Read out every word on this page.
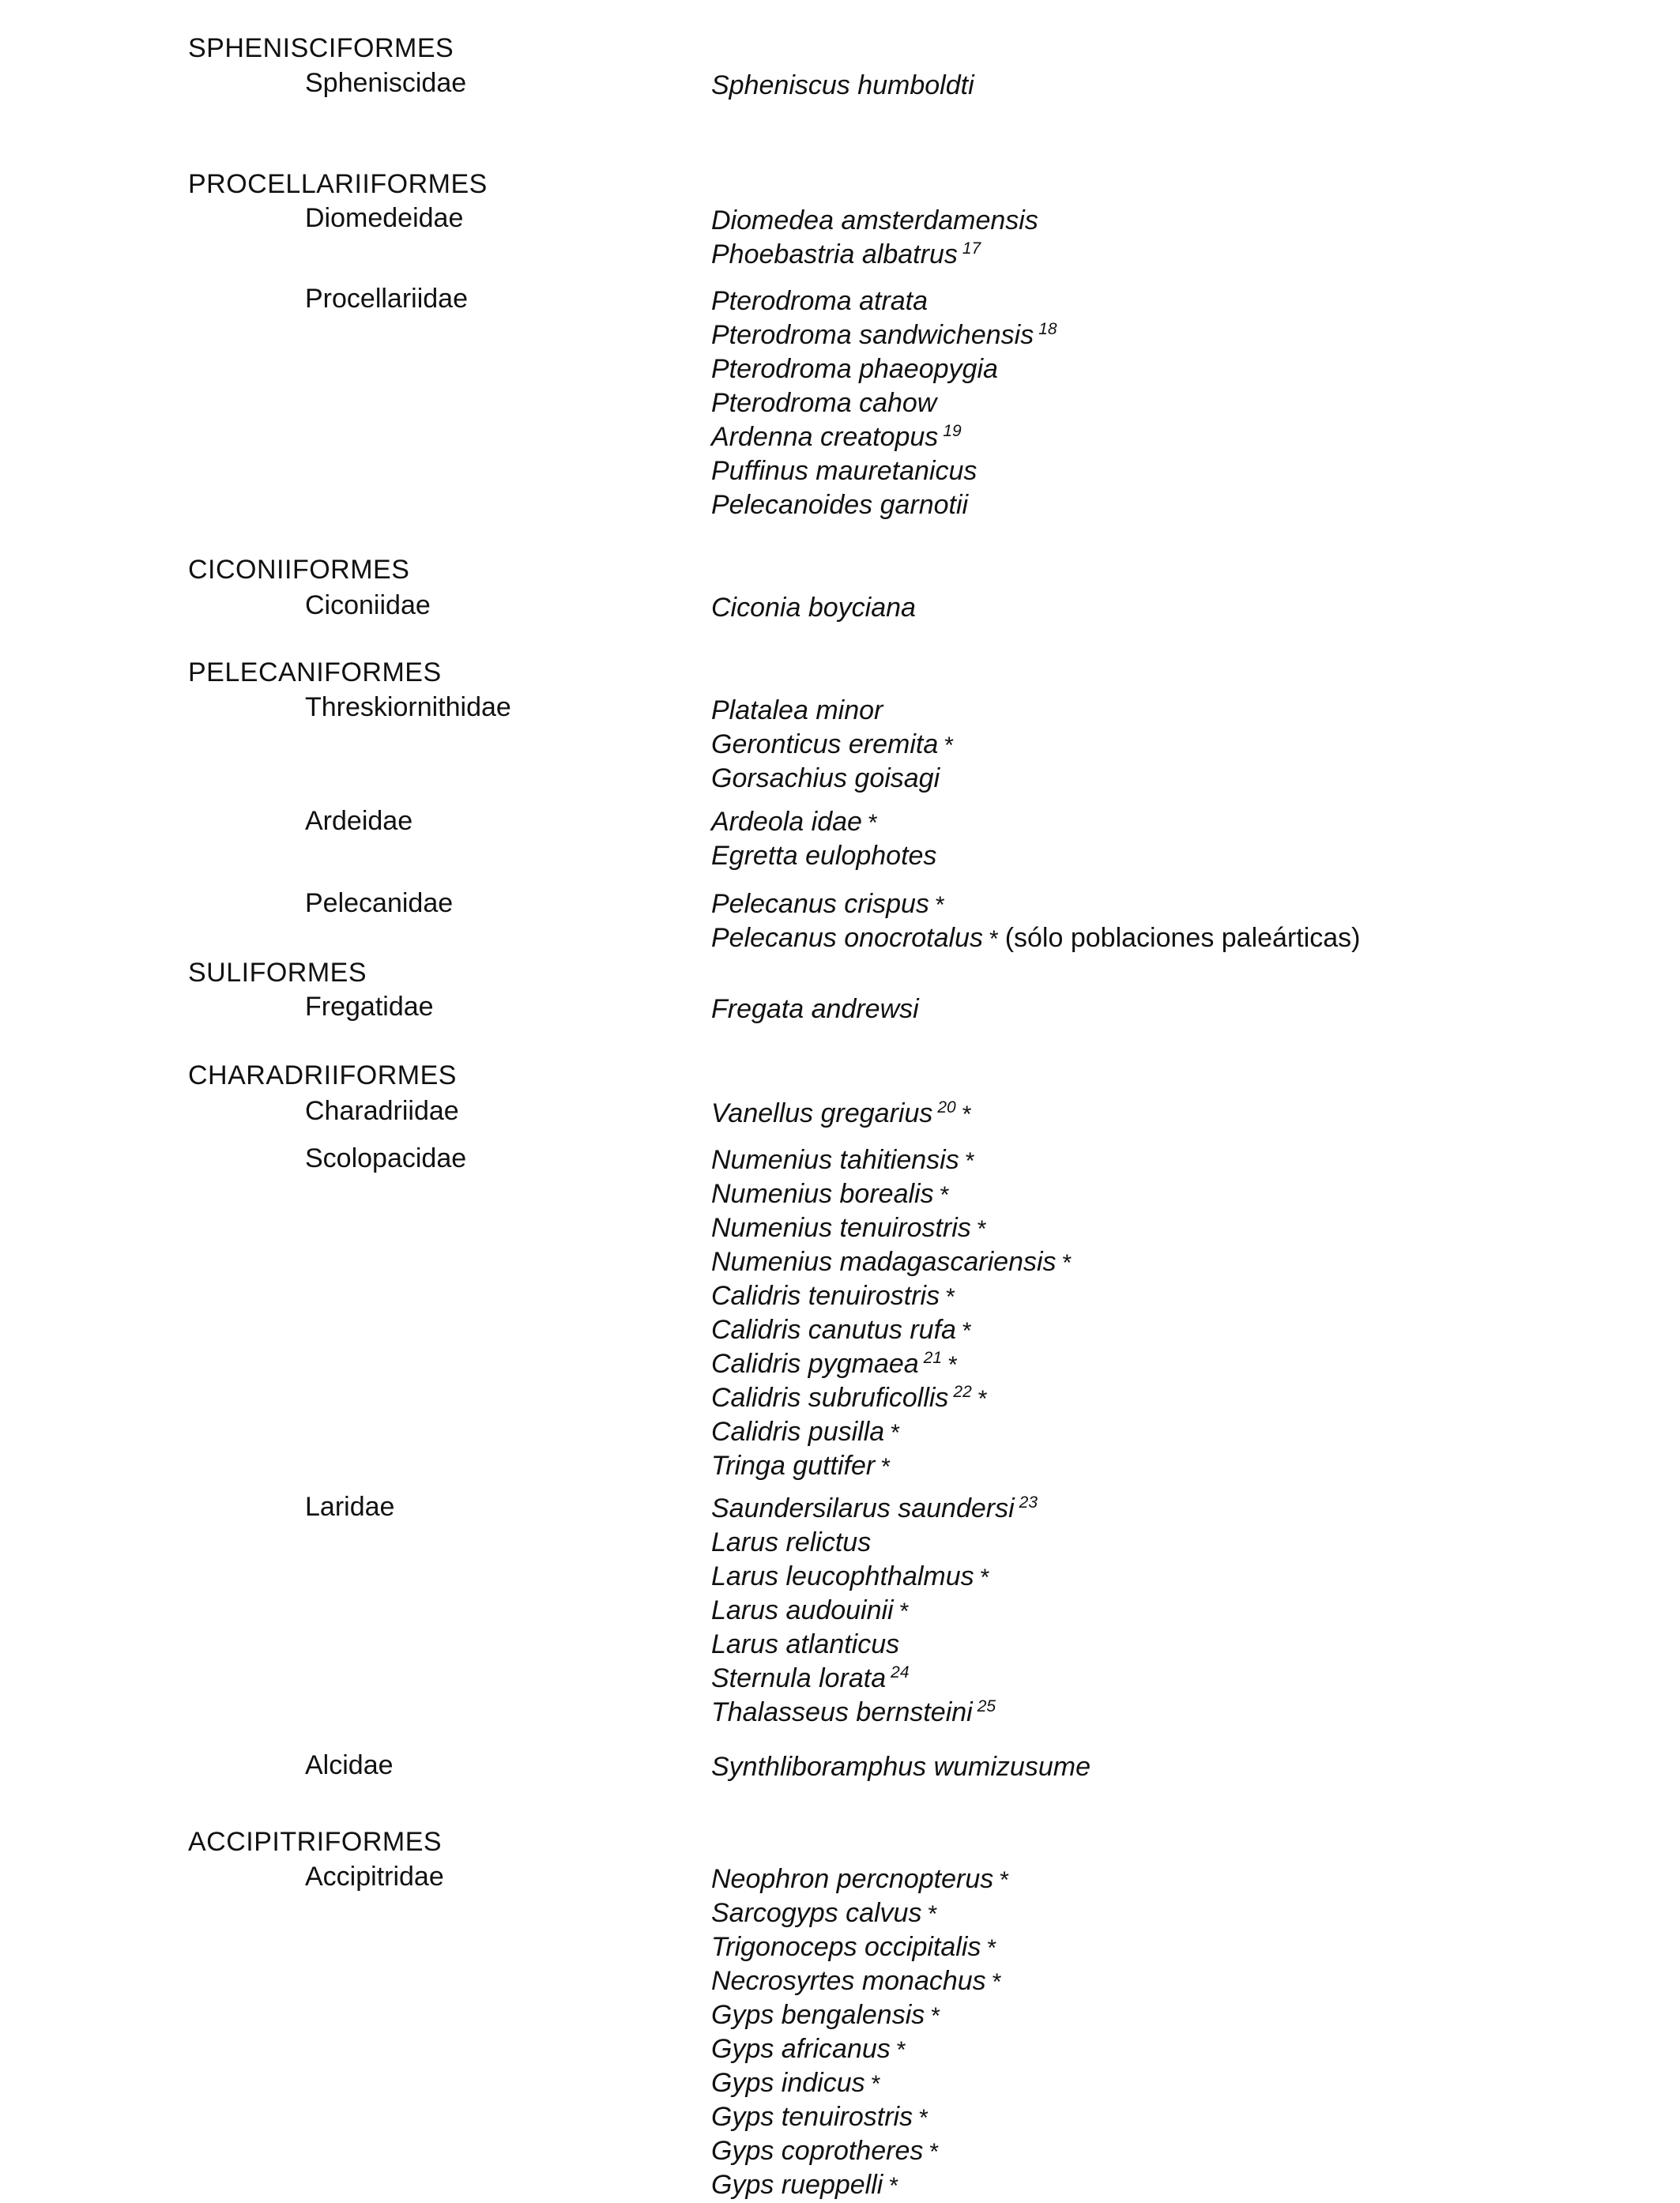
SPHENISCIFORMES
Spheniscidae	Spheniscus humboldti
PROCELLARIIFORMES
Diomedeidae	Diomedea amsterdamensis
Phoebastria albatrus $^{17}$
Procellariidae	Pterodroma atrata
Pterodroma sandwichensis $^{18}$
Pterodroma phaeopygia
Pterodroma cahow
Ardenna creatopus $^{19}$
Puffinus mauretanicus
Pelecanoides garnotii
CICONIIFORMES
Ciconiidae	Ciconia boyciana
PELECANIFORMES
Threskiornithidae	Platalea minor
Geronticus eremita *
Gorsachius goisagi
Ardeidae	Ardeola idae *
Egretta eulophotes
Pelecanidae	Pelecanus crispus *
Pelecanus onocrotalus * (sólo poblaciones paleárticas)
SULIFORMES
Fregatidae	Fregata andrewsi
CHARADRIIFORMES
Charadriidae	Vanellus gregarius $^{20}$ *
Scolopacidae	Numenius tahitiensis *
Numenius borealis *
Numenius tenuirostris *
Numenius madagascariensis *
Calidris tenuirostris *
Calidris canutus rufa *
Calidris pygmaea $^{21}$ *
Calidris subruficollis $^{22}$ *
Calidris pusilla *
Tringa guttifer *
Laridae	Saundersilarus saundersi $^{23}$
Larus relictus
Larus leucophthalmus *
Larus audouinii *
Larus atlanticus
Sternula lorata $^{24}$
Thalasseus bernsteini $^{25}$
Alcidae	Synthliboramphus wumizusume
ACCIPITRIFORMES
Accipitridae	Neophron percnopterus *
Sarcogyps calvus *
Trigonoceps occipitalis *
Necrosyrtes monachus *
Gyps bengalensis *
Gyps africanus *
Gyps indicus *
Gyps tenuirostris *
Gyps coprotheres *
Gyps rueppelli *
